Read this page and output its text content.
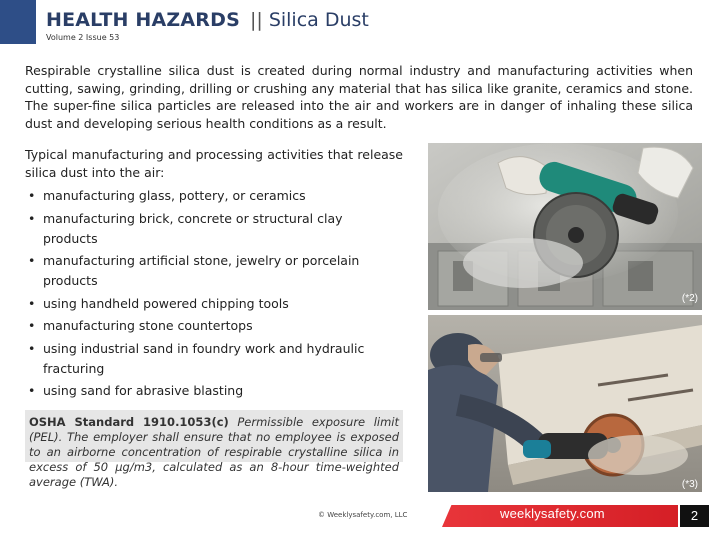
HEALTH HAZARDS || Silica Dust
Volume 2 Issue 53

Respirable crystalline silica dust is created during normal industry and manufacturing activities when cutting, sawing, grinding, drilling or crushing any material that has silica like granite, ceramics and stone. The super-fine silica particles are released into the air and workers are in danger of inhaling these silica dust and developing serious health conditions as a result.

Typical manufacturing and processing activities that release silica dust into the air:

• manufacturing glass, pottery, or ceramics
• manufacturing brick, concrete or structural clay products
• manufacturing artificial stone, jewelry or porcelain products
• using handheld powered chipping tools
• manufacturing stone countertops
• using industrial sand in foundry work and hydraulic fracturing
• using sand for abrasive blasting
OSHA Standard 1910.1053(c) Permissible exposure limit (PEL). The employer shall ensure that no employee is exposed to an airborne concentration of respirable crystalline silica in excess of 50 µg/m3, calculated as an 8-hour time-weighted average (TWA).
(*2)
(*3)
© Weeklysafety.com, LLC	weeklysafety.com	2
